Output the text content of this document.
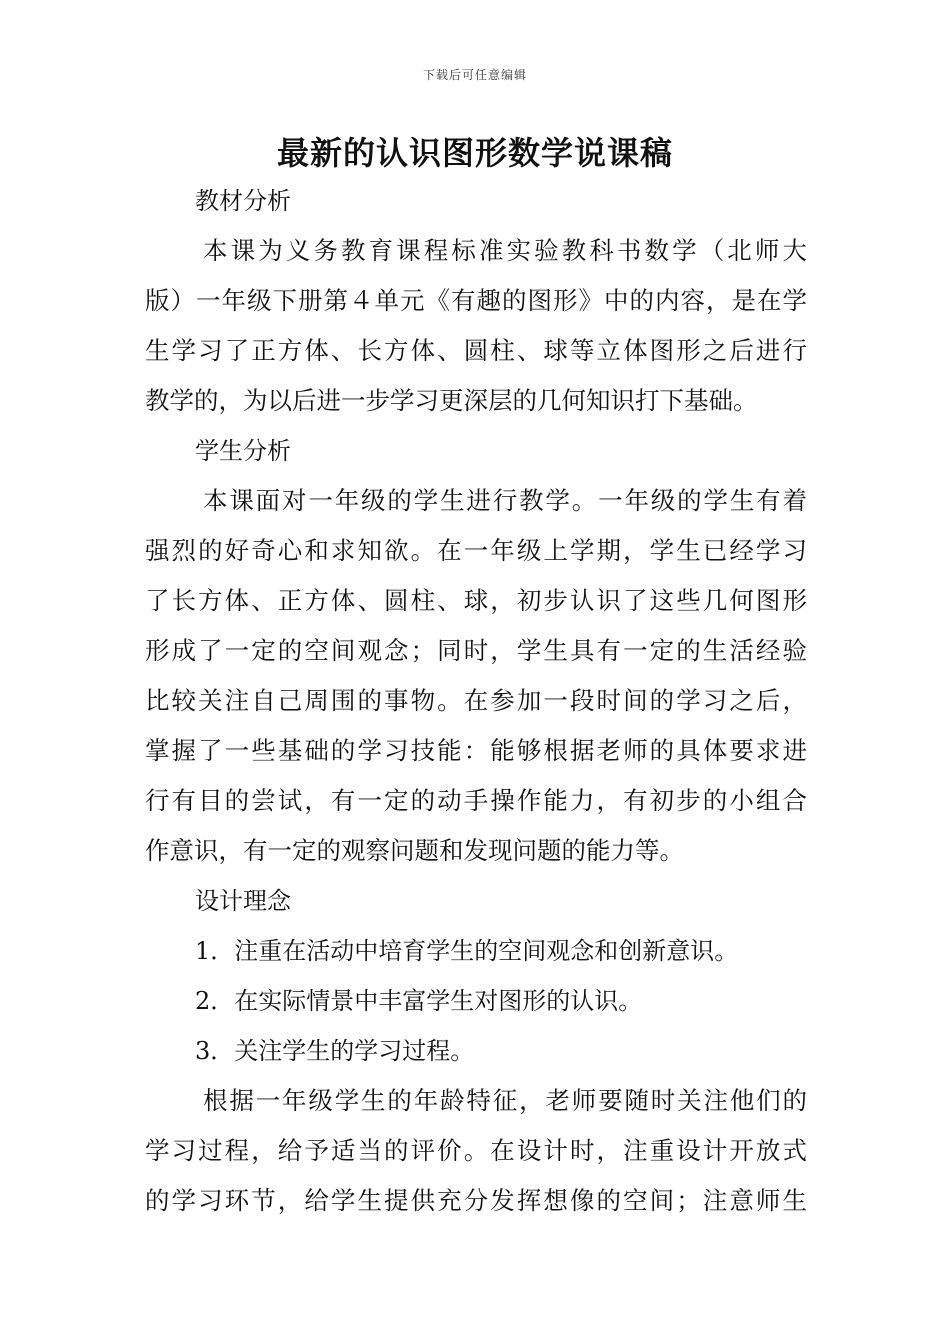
下载后可任意编辑
最新的认识图形数学说课稿
教材分析
本课为义务教育课程标准实验教科书数学（北师大
版）一年级下册第４单元《有趣的图形》中的内容，是在学
生学习了正方体、长方体、圆柱、球等立体图形之后进行
教学的，为以后进一步学习更深层的几何知识打下基础。
学生分析
本课面对一年级的学生进行教学。一年级的学生有着
强烈的好奇心和求知欲。在一年级上学期，学生已经学习
了长方体、正方体、圆柱、球，初步认识了这些几何图形
形成了一定的空间观念；同时，学生具有一定的生活经验
比较关注自己周围的事物。在参加一段时间的学习之后，
掌握了一些基础的学习技能：能够根据老师的具体要求进
行有目的尝试，有一定的动手操作能力，有初步的小组合
作意识，有一定的观察问题和发现问题的能力等。
设计理念
1．注重在活动中培育学生的空间观念和创新意识。
2．在实际情景中丰富学生对图形的认识。
3．关注学生的学习过程。
根据一年级学生的年龄特征，老师要随时关注他们的
学习过程，给予适当的评价。在设计时，注重设计开放式
的学习环节，给学生提供充分发挥想像的空间；注意师生
